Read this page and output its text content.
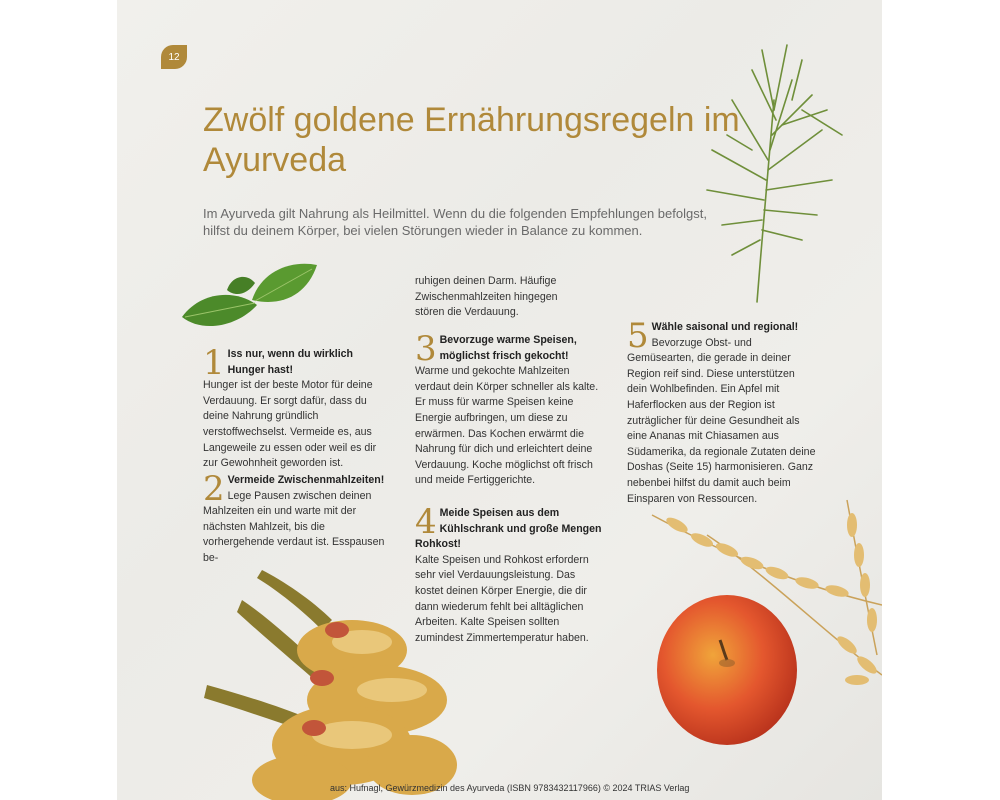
12
Zwölf goldene Ernährungsregeln im Ayurveda

Im Ayurveda gilt Nahrung als Heilmittel. Wenn du die folgenden Empfehlungen befolgst, hilfst du deinem Körper, bei vielen Störungen wieder in Balance zu kommen.

1 Iss nur, wenn du wirklich Hunger hast!
Hunger ist der beste Motor für deine Verdauung. Er sorgt dafür, dass du deine Nahrung gründlich verstoffwechselst. Vermeide es, aus Langeweile zu essen oder weil es dir zur Gewohnheit geworden ist.
2 Vermeide Zwischenmahlzeiten!
Lege Pausen zwischen deinen Mahlzeiten ein und warte mit der nächsten Mahlzeit, bis die vorhergehende verdaut ist. Esspausen be-
ruhigen deinen Darm. Häufige Zwischenmahlzeiten hingegen stören die Verdauung.
3 Bevorzuge warme Speisen, möglichst frisch gekocht!
Warme und gekochte Mahlzeiten verdaut dein Körper schneller als kalte. Er muss für warme Speisen keine Energie aufbringen, um diese zu erwärmen. Das Kochen erwärmt die Nahrung für dich und erleichtert deine Verdauung. Koche möglichst oft frisch und meide Fertiggerichte.
4 Meide Speisen aus dem Kühlschrank und große Mengen Rohkost!
Kalte Speisen und Rohkost erfordern sehr viel Verdauungsleistung. Das kostet deinen Körper Energie, die dir dann wiederum fehlt bei alltäglichen Arbeiten. Kalte Speisen sollten zumindest Zimmertemperatur haben.
5 Wähle saisonal und regional!
Bevorzuge Obst- und Gemüsearten, die gerade in deiner Region reif sind. Diese unterstützen dein Wohlbefinden. Ein Apfel mit Haferflocken aus der Region ist zuträglicher für deine Gesundheit als eine Ananas mit Chiasamen aus Südamerika, da regionale Zutaten deine Doshas (Seite 15) harmonisieren. Ganz nebenbei hilfst du damit auch beim Einsparen von Ressourcen.
aus: Hufnagl, Gewürzmedizin des Ayurveda (ISBN 9783432117966) © 2024 TRIAS Verlag
